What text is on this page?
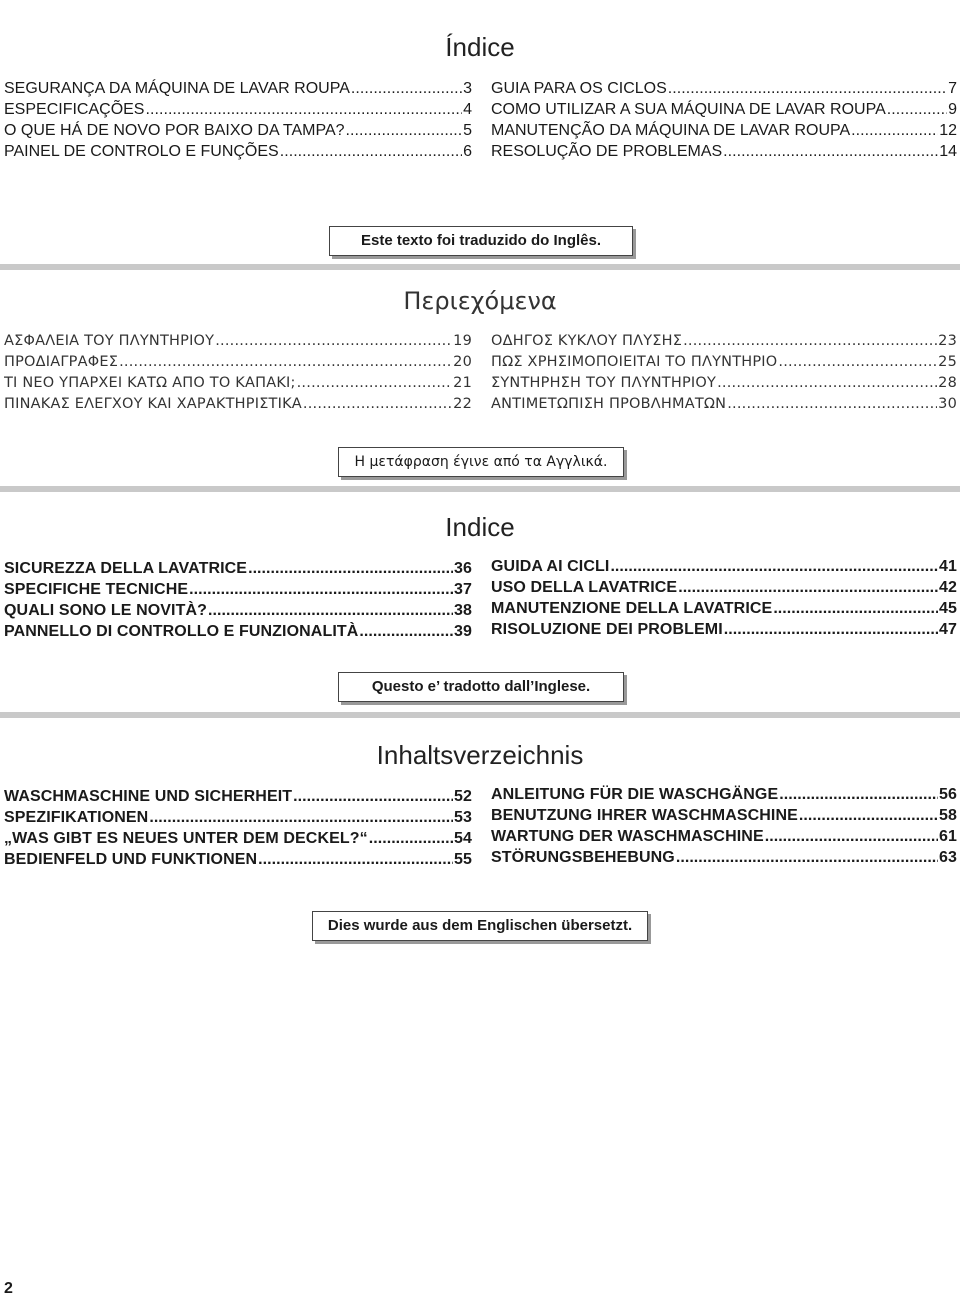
Índice
SEGURANÇA DA MÁQUINA DE LAVAR ROUPA . . .	3
ESPECIFICAÇÕES . . .	4
O QUE HÁ DE NOVO POR BAIXO DA TAMPA? . . .	5
PAINEL DE CONTROLO E FUNÇÕES . . .	6
GUIA PARA OS CICLOS . . .	7
COMO UTILIZAR A SUA MÁQUINA DE LAVAR ROUPA . . .	9
MANUTENÇÃO DA MÁQUINA DE LAVAR ROUPA . . .	12
RESOLUÇÃO DE PROBLEMAS . . .	14
Este texto foi traduzido do Inglês.
Περιεχόμενα
ΑΣΦΑΛΕΙΑ ΤΟΥ ΠΛΥΝΤΗΡΙΟΥ . . .	19
ΠΡΟΔΙΑΓΡΑΦΕΣ . . .	20
ΤΙ ΝΕΟ ΥΠΑΡΧΕΙ ΚΑΤΩ ΑΠΟ ΤΟ ΚΑΠΑΚΙ; . . .	21
ΠΙΝΑΚΑΣ ΕΛΕΓΧΟΥ ΚΑΙ ΧΑΡΑΚΤΗΡΙΣΤΙΚΑ . . .	22
ΟΔΗΓΟΣ ΚΥΚΛΟΥ ΠΛΥΣΗΣ . . .	23
ΠΩΣ ΧΡΗΣΙΜΟΠΟΙΕΙΤΑΙ ΤΟ ΠΛΥΝΤΗΡΙΟ . . .	25
ΣΥΝΤΗΡΗΣΗ ΤΟΥ ΠΛΥΝΤΗΡΙΟΥ . . .	28
ΑΝΤΙΜΕΤΩΠΙΣΗ ΠΡΟΒΛΗΜΑΤΩΝ . . .	30
Η μετάφραση έγινε από τα Αγγλικά.
Indice
SICUREZZA DELLA LAVATRICE . . .	36
SPECIFICHE TECNICHE . . .	37
QUALI SONO LE NOVITÀ? . . .	38
PANNELLO DI CONTROLLO E FUNZIONALITÀ . . .	39
GUIDA AI CICLI . . .	41
USO DELLA LAVATRICE . . .	42
MANUTENZIONE DELLA LAVATRICE . . .	45
RISOLUZIONE DEI PROBLEMI . . .	47
Questo e’ tradotto dall’Inglese.
Inhaltsverzeichnis
WASCHMASCHINE UND SICHERHEIT . . .	52
SPEZIFIKATIONEN . . .	53
„WAS GIBT ES NEUES UNTER DEM DECKEL?“ . . .	54
BEDIENFELD UND FUNKTIONEN . . .	55
ANLEITUNG FÜR DIE WASCHGÄNGE . . .	56
BENUTZUNG IHRER WASCHMASCHINE . . .	58
WARTUNG DER WASCHMASCHINE . . .	61
STÖRUNGSBEHEBUNG . . .	63
Dies wurde aus dem Englischen übersetzt.
2
